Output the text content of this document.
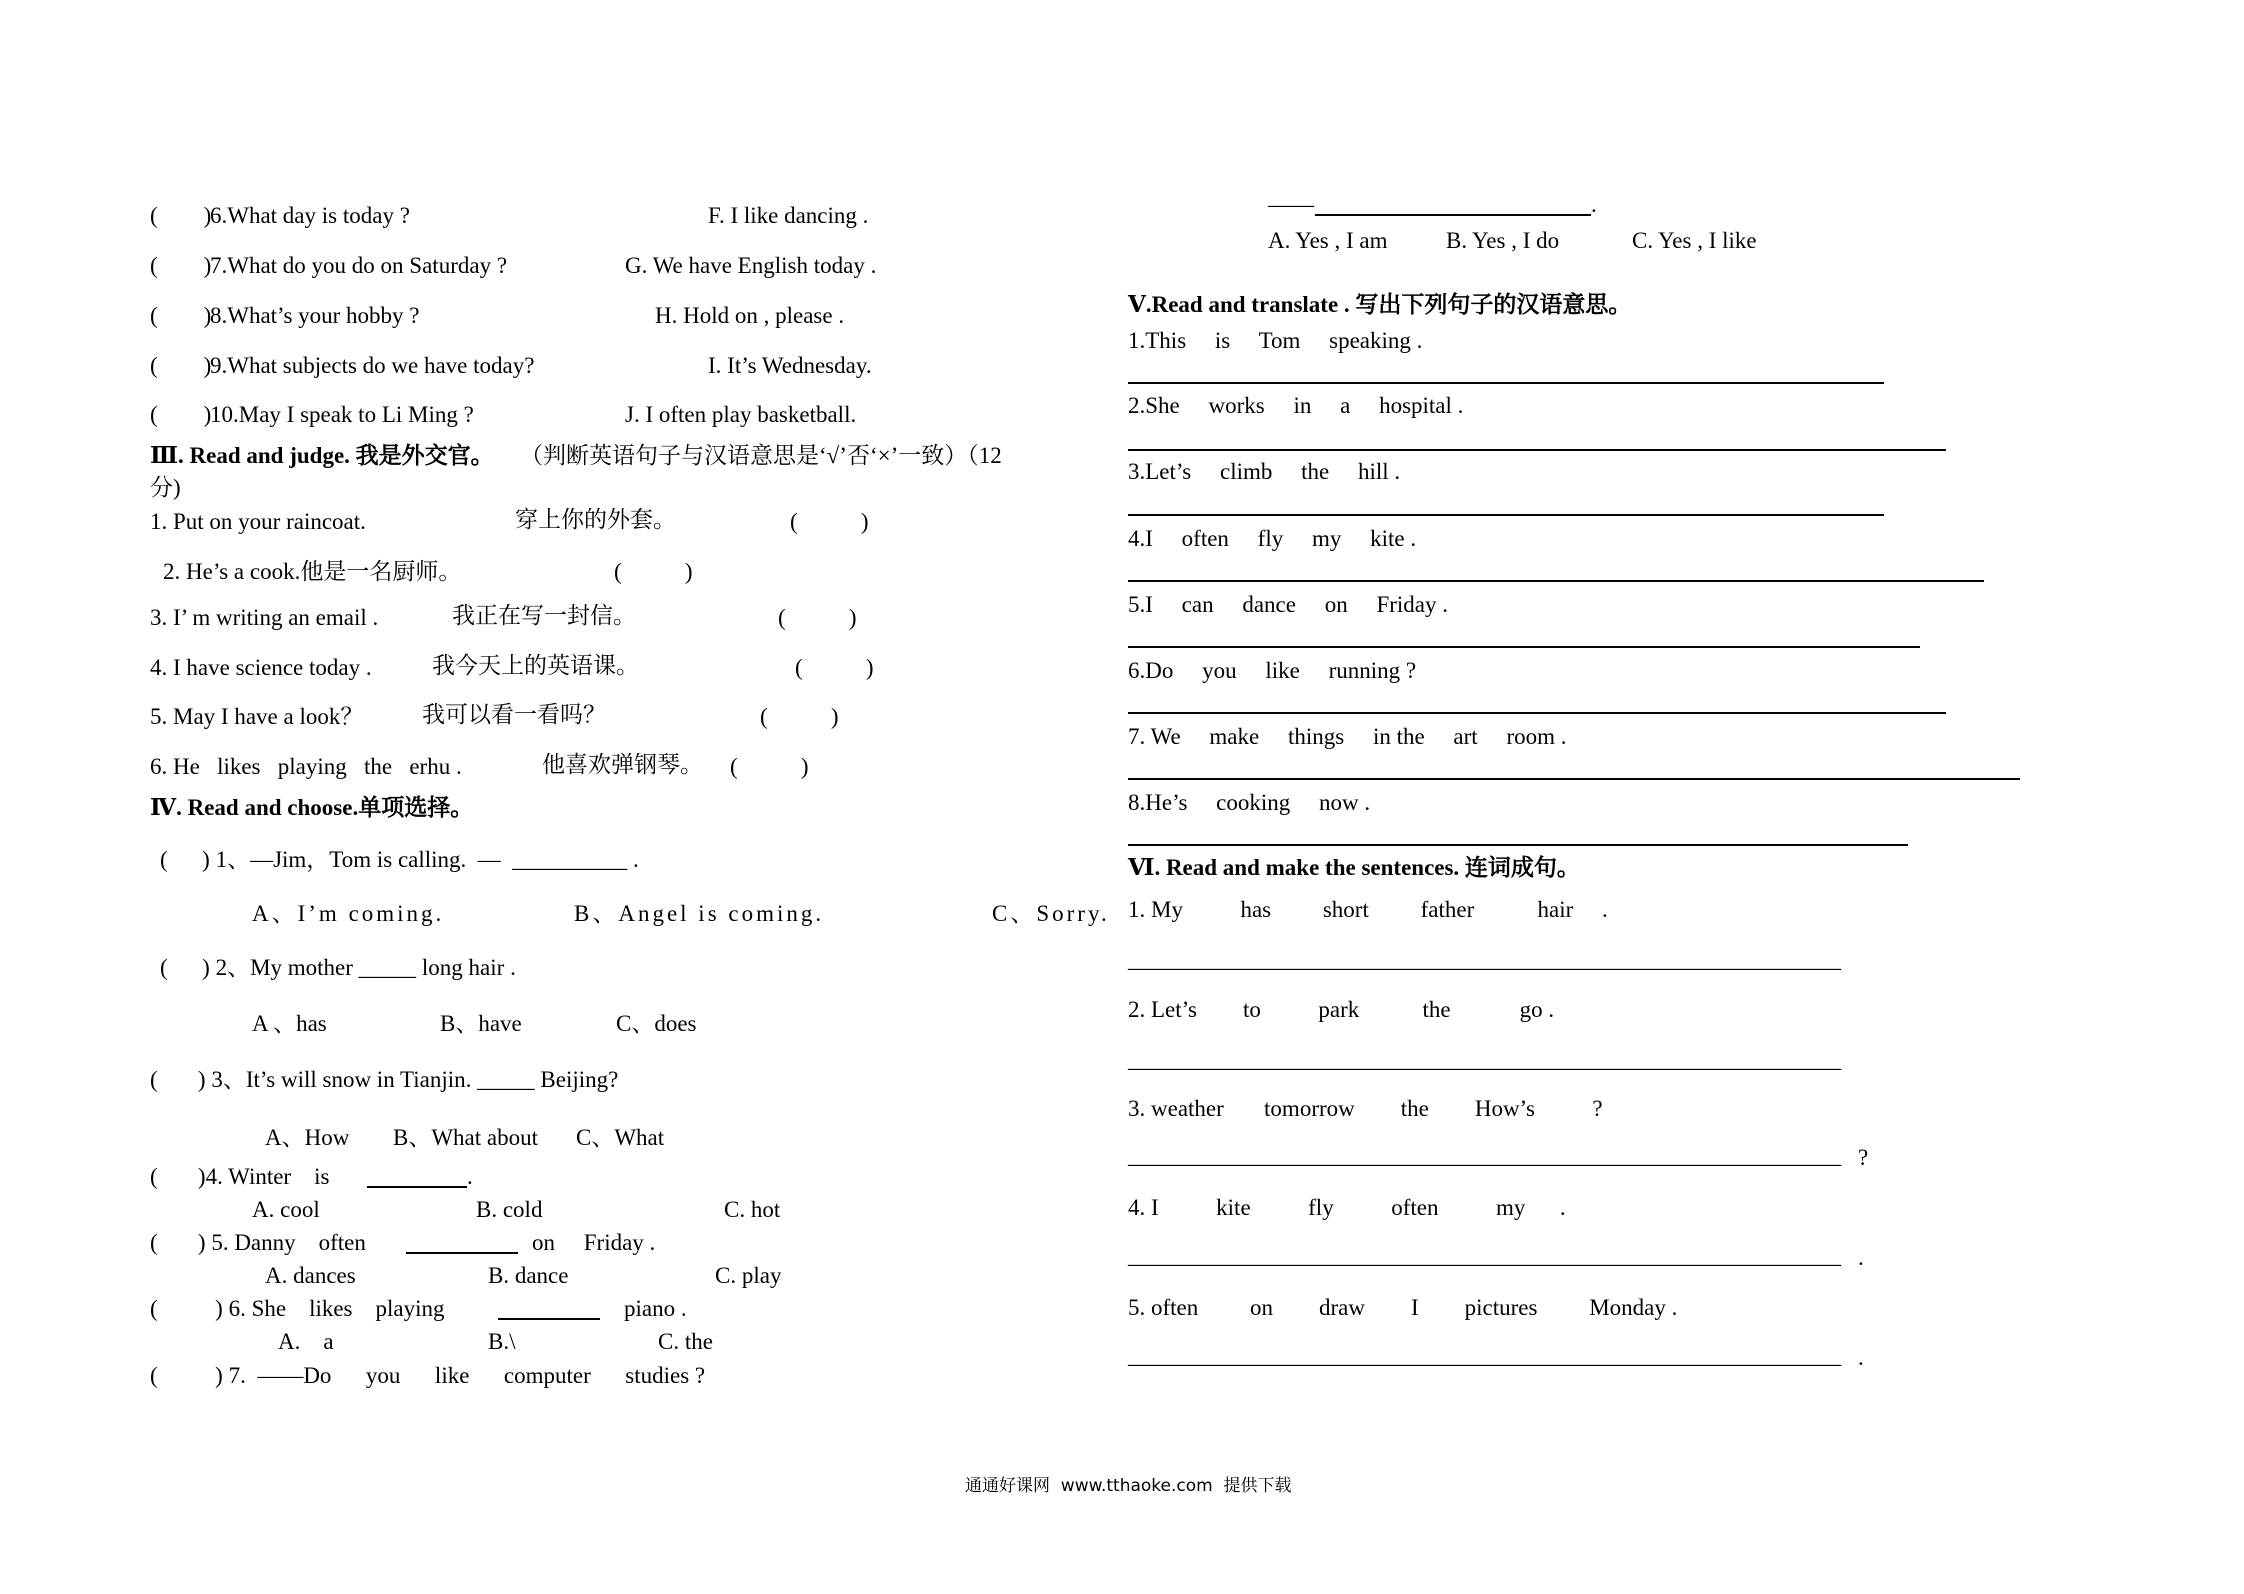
(        )
6.What day is today ?	F. I like dancing .
(        )
7.What do you do on Saturday ?	G. We have English today .
(        )
8.What’s your hobby ?	H. Hold on , please .
(        )
9.What subjects do we have today?	I. It’s Wednesday.
(        )
10.May I speak to Li Ming ?	J. I often play basketball.
Ⅲ. Read and judge. 我是外交官。 （判断英语句子与汉语意思是‘√’否‘×’一致）（12
分)
1. Put on your raincoat.	穿上你的外套。	(           )
2. He’s a cook.他是一名厨师。	(           )
3. I’ m writing an email .	我正在写一封信。	(           )
4. I have science today .	我今天上的英语课。	(           )
5. May I have a look？	我可以看一看吗？	(           )
6. He   likes   playing   the   erhu .	他喜欢弹钢琴。 (           )
Ⅳ. Read and choose.单项选择。
(      ) 1、—Jim，Tom is calling.  —  __________ .
A、I’m coming.	B、Angel is coming.	C、Sorry.
(      ) 2、My mother _____ long hair .
A 、has	B、have	C、does
(       ) 3、It’s will snow in Tianjin. _____ Beijing?
A、How B、What about C、What
(       )4. Winter    is	.
A. cool	B. cold	C. hot
(       ) 5. Danny    often	on     Friday .
A. dances	B. dance	C. play
(          ) 6. She    likes    playing	piano .
A.    a	B.\	C. the
(          ) 7.  ——Do      you      like      computer      studies ?
——	.
A. Yes , I am	B. Yes , I do	C. Yes , I like
Ⅴ.Read and translate . 写出下列句子的汉语意思。
1.This     is     Tom     speaking .
2.She     works     in     a     hospital .
3.Let’s     climb     the     hill .
4.I     often     fly     my     kite .
5.I     can     dance     on     Friday .
6.Do     you     like     running ?
7. We     make     things     in the     art     room .
8.He’s     cooking     now .
Ⅵ. Read and make the sentences. 连词成句。
1. My          has         short         father           hair     .
______________________________________________________________
2. Let’s        to          park           the            go .
______________________________________________________________
3. weather       tomorrow        the        How’s          ?
______________________________________________________________ ?
4. I          kite          fly          often          my      .
______________________________________________________________ .
5. often         on        draw        I        pictures         Monday .
______________________________________________________________ .
通通好课网  www.tthaoke.com  提供下载
